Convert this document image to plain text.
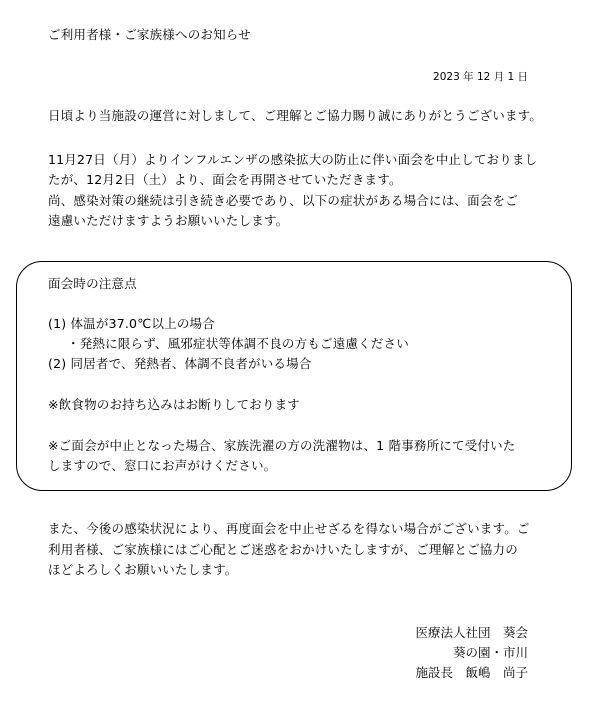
ご利用者様・ご家族様へのお知らせ
2023 年 12 月 1 日
日頃より当施設の運営に対しまして、ご理解とご協力賜り誠にありがとうございます。
11月27日（月）よりインフルエンザの感染拡大の防止に伴い面会を中止しておりまし
たが、12月2日（土）より、面会を再開させていただきます。
尚、感染対策の継続は引き続き必要であり、以下の症状がある場合には、面会をご
遠慮いただけますようお願いいたします。
面会時の注意点
(1) 体温が37.0℃以上の場合
・発熱に限らず、風邪症状等体調不良の方もご遠慮ください
(2) 同居者で、発熱者、体調不良者がいる場合
※飲食物のお持ち込みはお断りしております
※ご面会が中止となった場合、家族洗濯の方の洗濯物は、1 階事務所にて受付いた
しますので、窓口にお声がけください。
また、今後の感染状況により、再度面会を中止せざるを得ない場合がございます。ご
利用者様、ご家族様にはご心配とご迷惑をおかけいたしますが、ご理解とご協力の
ほどよろしくお願いいたします。
医療法人社団　葵会
葵の園・市川
施設長　飯嶋　尚子
